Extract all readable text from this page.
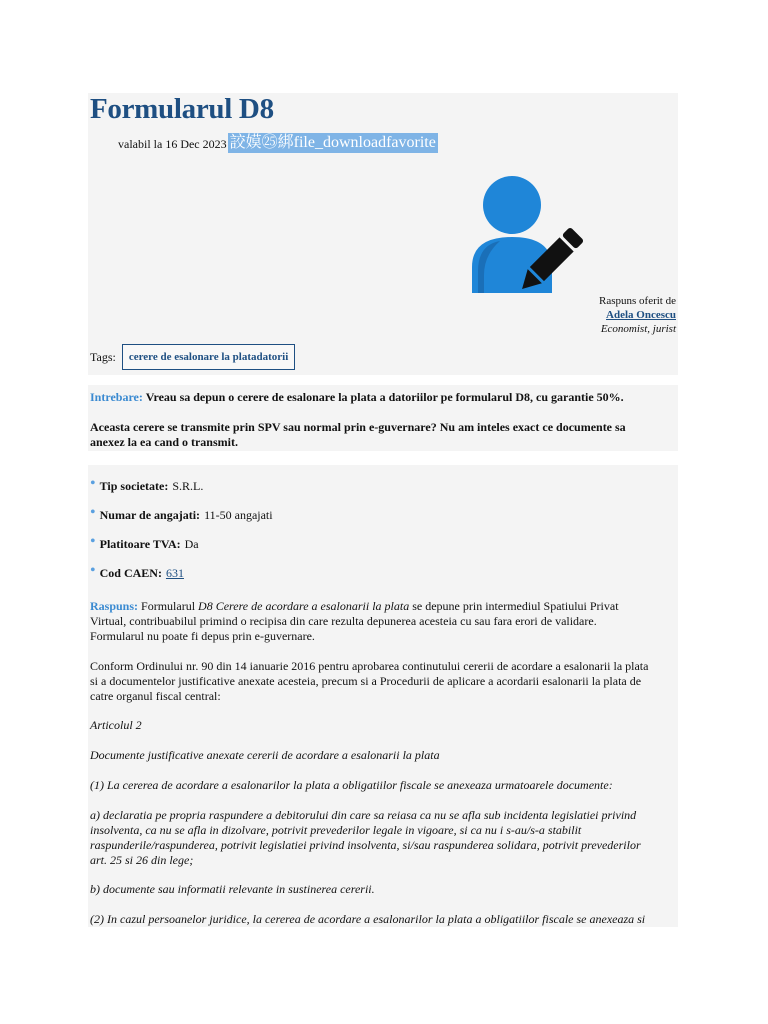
Formularul D8
valabil la 16 Dec 2023 詨嫫㉕綁file_downloadfavorite
Raspuns oferit de
Adela Oncescu
Economist, jurist
Tags:	cerere de esalonare la platadatorii
Intrebare: Vreau sa depun o cerere de esalonare la plata a datoriilor pe formularul D8, cu garantie 50%.
Aceasta cerere se transmite prin SPV sau normal prin e-guvernare? Nu am inteles exact ce documente sa
anexez la ea cand o transmit.
• Tip societate: S.R.L.
• Numar de angajati: 11-50 angajati
• Platitoare TVA: Da
• Cod CAEN: 631
Raspuns: Formularul D8 Cerere de acordare a esalonarii la plata se depune prin intermediul Spatiului Privat
Virtual, contribuabilul primind o recipisa din care rezulta depunerea acesteia cu sau fara erori de validare.
Formularul nu poate fi depus prin e-guvernare.
Conform Ordinului nr. 90 din 14 ianuarie 2016 pentru aprobarea continutului cererii de acordare a esalonarii la plata
si a documentelor justificative anexate acesteia, precum si a Procedurii de aplicare a acordarii esalonarii la plata de
catre organul fiscal central:
Articolul 2
Documente justificative anexate cererii de acordare a esalonarii la plata
(1) La cererea de acordare a esalonarilor la plata a obligatiilor fiscale se anexeaza urmatoarele documente:
a) declaratia pe propria raspundere a debitorului din care sa reiasa ca nu se afla sub incidenta legislatiei privind
insolventa, ca nu se afla in dizolvare, potrivit prevederilor legale in vigoare, si ca nu i s-au/s-a stabilit
raspunderile/raspunderea, potrivit legislatiei privind insolventa, si/sau raspunderea solidara, potrivit prevederilor
art. 25 si 26 din lege;
b) documente sau informatii relevante in sustinerea cererii.
(2) In cazul persoanelor juridice, la cererea de acordare a esalonarilor la plata a obligatiilor fiscale se anexeaza si
